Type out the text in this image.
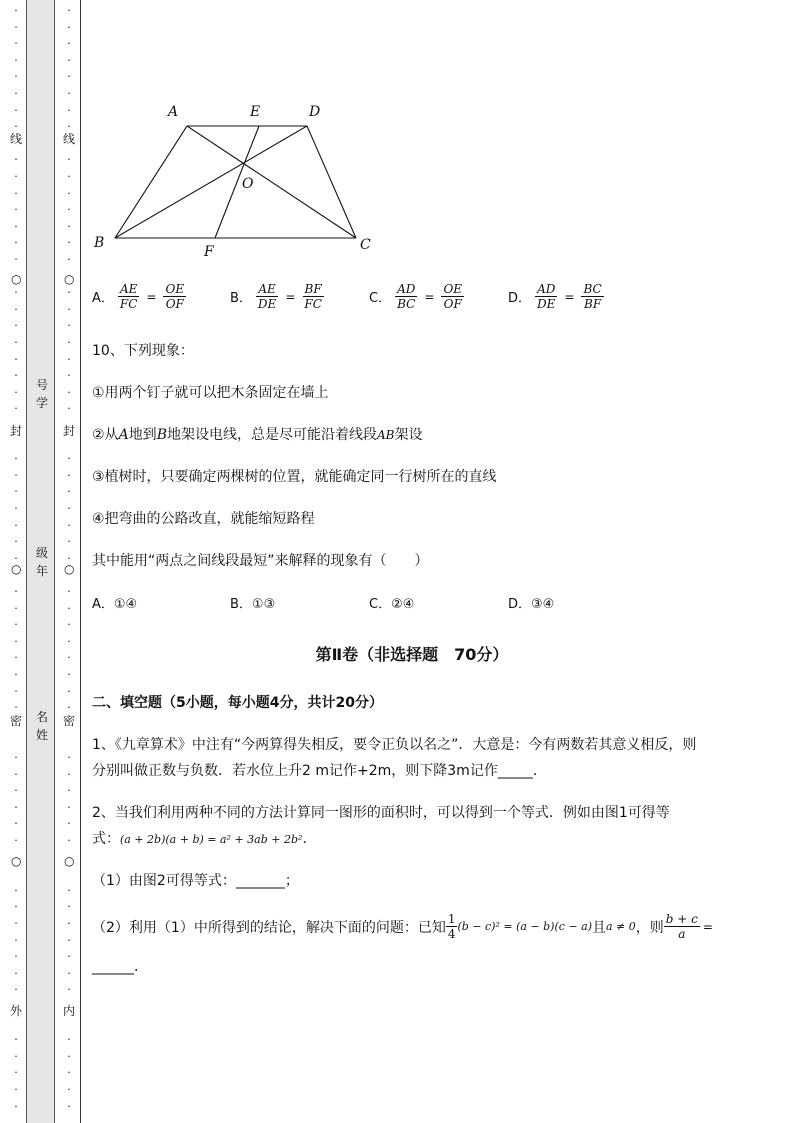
·
·
·
·
·
·
·
·
·
·
·
·
·
·
·
·
·
·
·
·
·
·
·
·
·
·
·
·
·
·
·
·
·
·
·
·
·
·
·
·
·
·
·
·
·
·
·
·
·
·
·
·
·
·
·
·
○
○
○
·
·
·
·
·
·
·
·
·
·
·
·
·
·
·
·
·
·
·
·
·
·
·
·
·
·
·
·
·
·
·
·
·
·
·
·
·
·
·
·
·
·
·
·
·
·
·
·
·
·
·
·
·
·
·
·
○
○
○
线
封
密
外
线
封
密
内
号学
级年
名姓
A	E	D
O
B
F	C
A． $\frac{AE}{FC} = \frac{OE}{OF}$	B． $\frac{AE}{DE} = \frac{BF}{FC}$	C． $\frac{AD}{BC} = \frac{OE}{OF}$	D． $\frac{AD}{DE} = \frac{BC}{BF}$
10、下列现象：
①用两个钉子就可以把木条固定在墙上
②从A地到B地架设电线，总是尽可能沿着线段AB架设
③植树时，只要确定两棵树的位置，就能确定同一行树所在的直线
④把弯曲的公路改直，就能缩短路程
其中能用“两点之间线段最短”来解释的现象有（　　）
A．①④	B．①③	C．②④	D．③④
第Ⅱ卷（非选择题　70分）
二、填空题（5小题，每小题4分，共计20分）
1、《九章算术》中注有“今两算得失相反，要令正负以名之”．大意是：今有两数若其意义相反，则
分别叫做正数与负数．若水位上升2 m记作+2m，则下降3m记作_____．
2、当我们利用两种不同的方法计算同一图形的面积时，可以得到一个等式．例如由图1可得等
式：(a + 2b)(a + b) = a² + 3ab + 2b²．
（1）由图2可得等式：_______；
（2）利用（1）中所得到的结论，解决下面的问题：已知 $\frac{1}{4} (b - c)^2 = (a - b)(c - a)$ 且 a ≠ 0 ，则 $\frac{b + c}{a}$ =
______．
